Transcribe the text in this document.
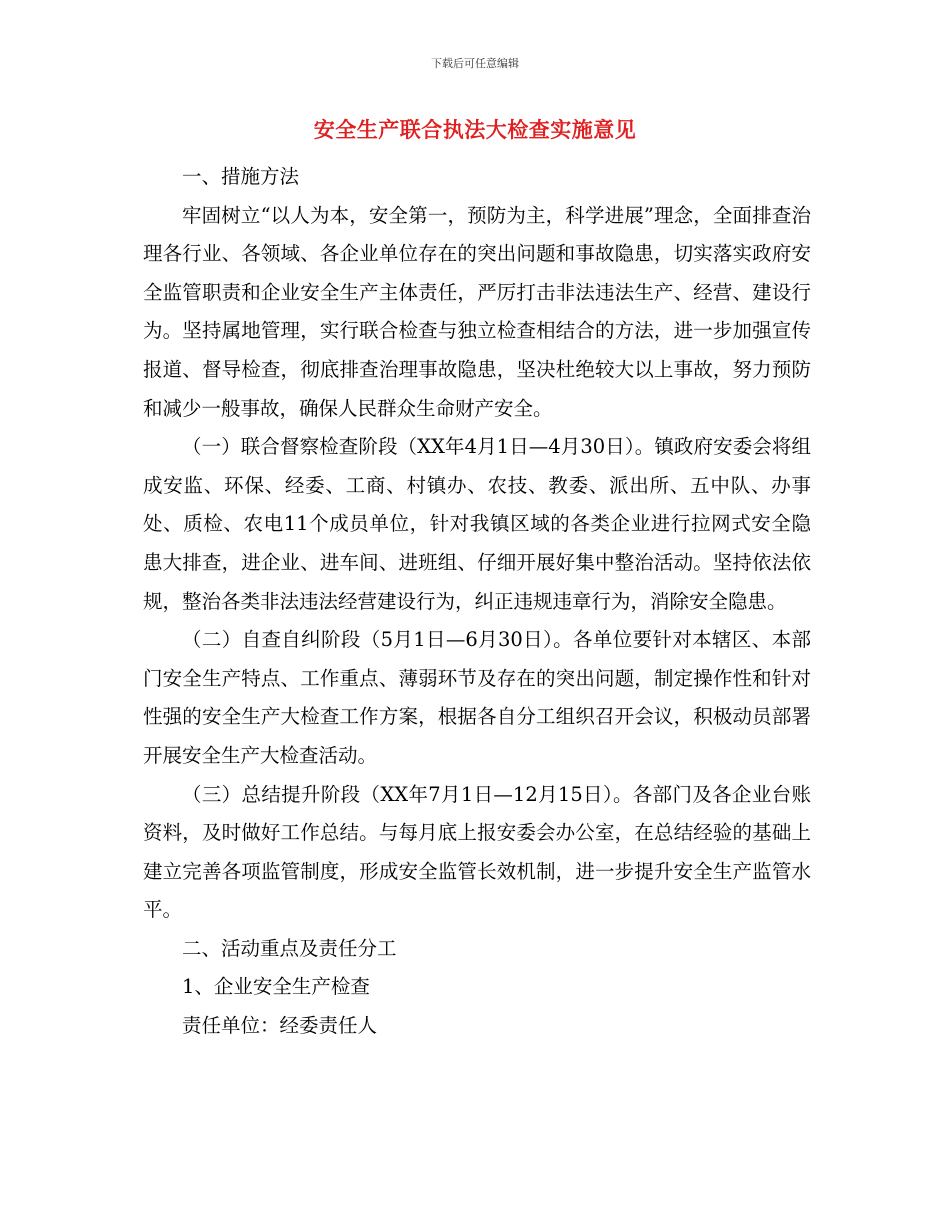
下载后可任意编辑
安全生产联合执法大检查实施意见

一、措施方法

牢固树立“以人为本，安全第一，预防为主，科学进展”理念，全面排查治理各行业、各领域、各企业单位存在的突出问题和事故隐患，切实落实政府安全监管职责和企业安全生产主体责任，严厉打击非法违法生产、经营、建设行为。坚持属地管理，实行联合检查与独立检查相结合的方法，进一步加强宣传报道、督导检查，彻底排查治理事故隐患，坚决杜绝较大以上事故，努力预防和减少一般事故，确保人民群众生命财产安全。

（一）联合督察检查阶段（XX年4月1日—4月30日）。镇政府安委会将组成安监、环保、经委、工商、村镇办、农技、教委、派出所、五中队、办事处、质检、农电11个成员单位，针对我镇区域的各类企业进行拉网式安全隐患大排查，进企业、进车间、进班组、仔细开展好集中整治活动。坚持依法依规，整治各类非法违法经营建设行为，纠正违规违章行为，消除安全隐患。

（二）自查自纠阶段（5月1日—6月30日）。各单位要针对本辖区、本部门安全生产特点、工作重点、薄弱环节及存在的突出问题，制定操作性和针对性强的安全生产大检查工作方案，根据各自分工组织召开会议，积极动员部署开展安全生产大检查活动。

（三）总结提升阶段（XX年7月1日—12月15日）。各部门及各企业台账资料，及时做好工作总结。与每月底上报安委会办公室，在总结经验的基础上建立完善各项监管制度，形成安全监管长效机制，进一步提升安全生产监管水平。

二、活动重点及责任分工

1、企业安全生产检查

责任单位：经委责任人
